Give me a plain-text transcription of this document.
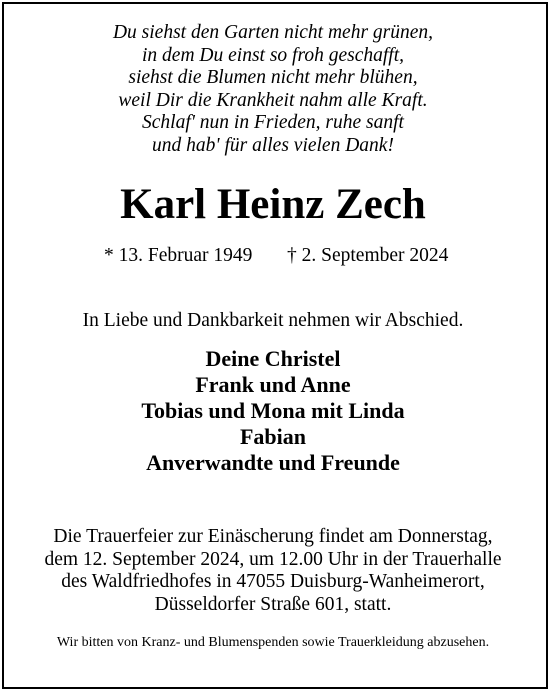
Du siehst den Garten nicht mehr grünen,
in dem Du einst so froh geschafft,
siehst die Blumen nicht mehr blühen,
weil Dir die Krankheit nahm alle Kraft.
Schlaf' nun in Frieden, ruhe sanft
und hab' für alles vielen Dank!
Karl Heinz Zech
* 13. Februar 1949 † 2. September 2024
In Liebe und Dankbarkeit nehmen wir Abschied.
Deine Christel
Frank und Anne
Tobias und Mona mit Linda
Fabian
Anverwandte und Freunde
Die Trauerfeier zur Einäscherung findet am Donnerstag,
dem 12. September 2024, um 12.00 Uhr in der Trauerhalle
des Waldfriedhofes in 47055 Duisburg-Wanheimerort,
Düsseldorfer Straße 601, statt.
Wir bitten von Kranz- und Blumenspenden sowie Trauerkleidung abzusehen.
